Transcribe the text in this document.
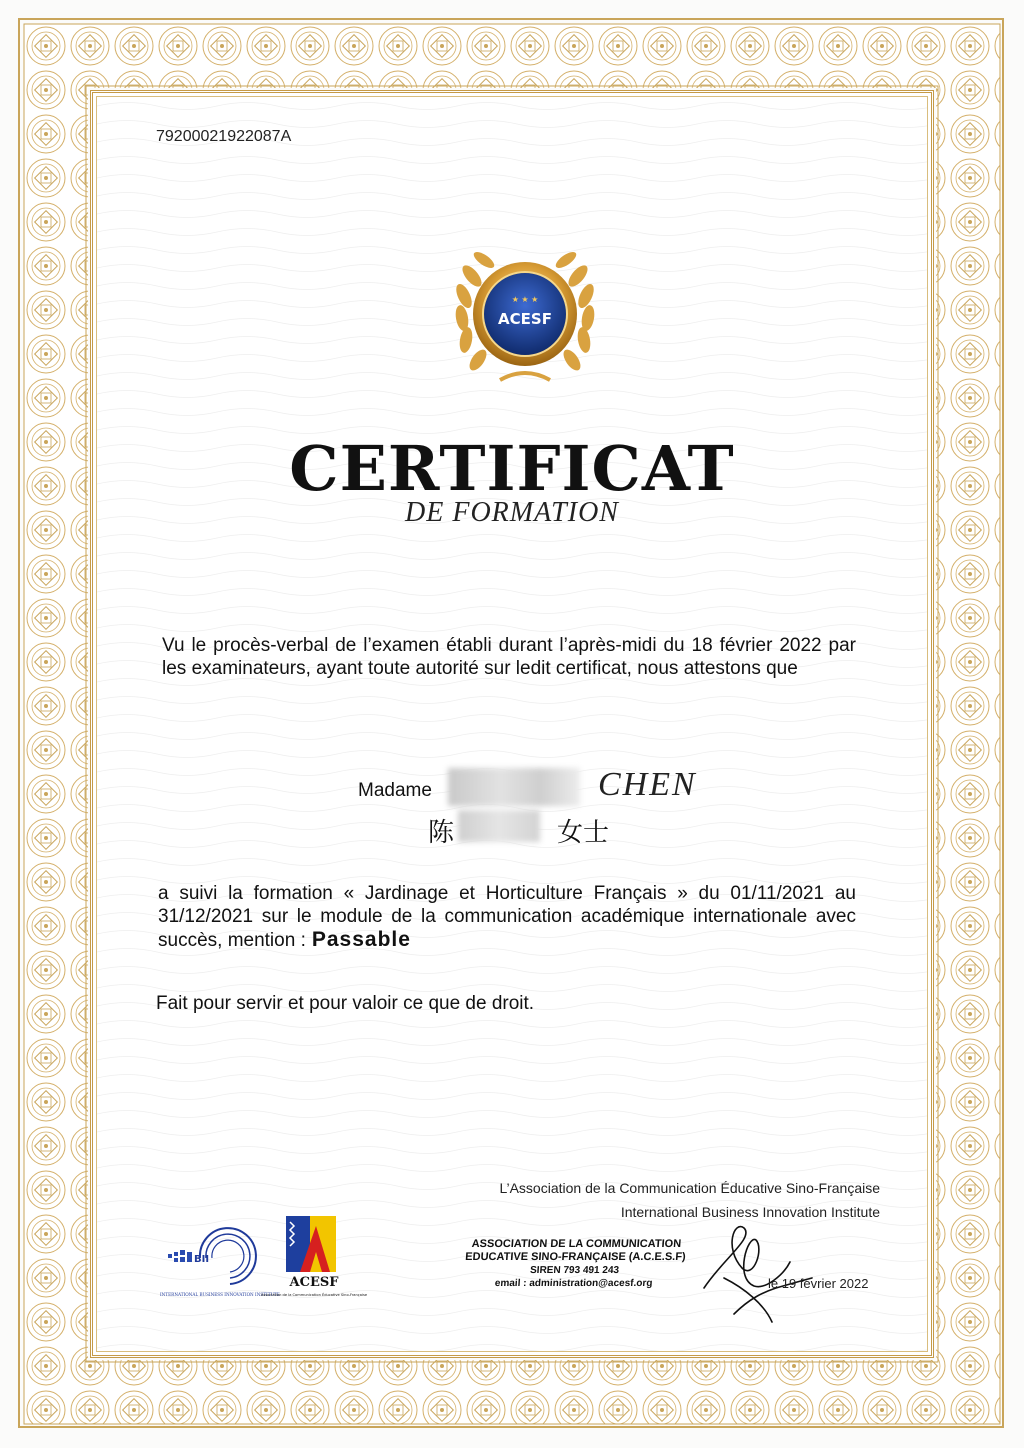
79200021922087A
★ ★ ★
ACESF
CERTIFICAT
DE FORMATION
Vu le procès-verbal de l’examen établi durant l’après-midi du 18 février 2022 par les examinateurs, ayant toute autorité sur ledit certificat, nous attestons que
Madame	CHEN
陈	女士
a suivi la formation « Jardinage et Horticulture Français » du 01/11/2021 au 31/12/2021 sur le module de la communication académique internationale avec succès, mention : Passable
Fait pour servir et pour valoir ce que de droit.
L’Association de la Communication Éducative Sino-Française
International Business Innovation Institute
BII
INTERNATIONAL BUSINESS INNOVATION INSTITUTE
ACESF
Association de la Communication Éducative Sino-Française
ASSOCIATION DE LA COMMUNICATION
EDUCATIVE SINO-FRANÇAISE (A.C.E.S.F)
SIREN 793 491 243
email : administration@acesf.org	le 19 février 2022
